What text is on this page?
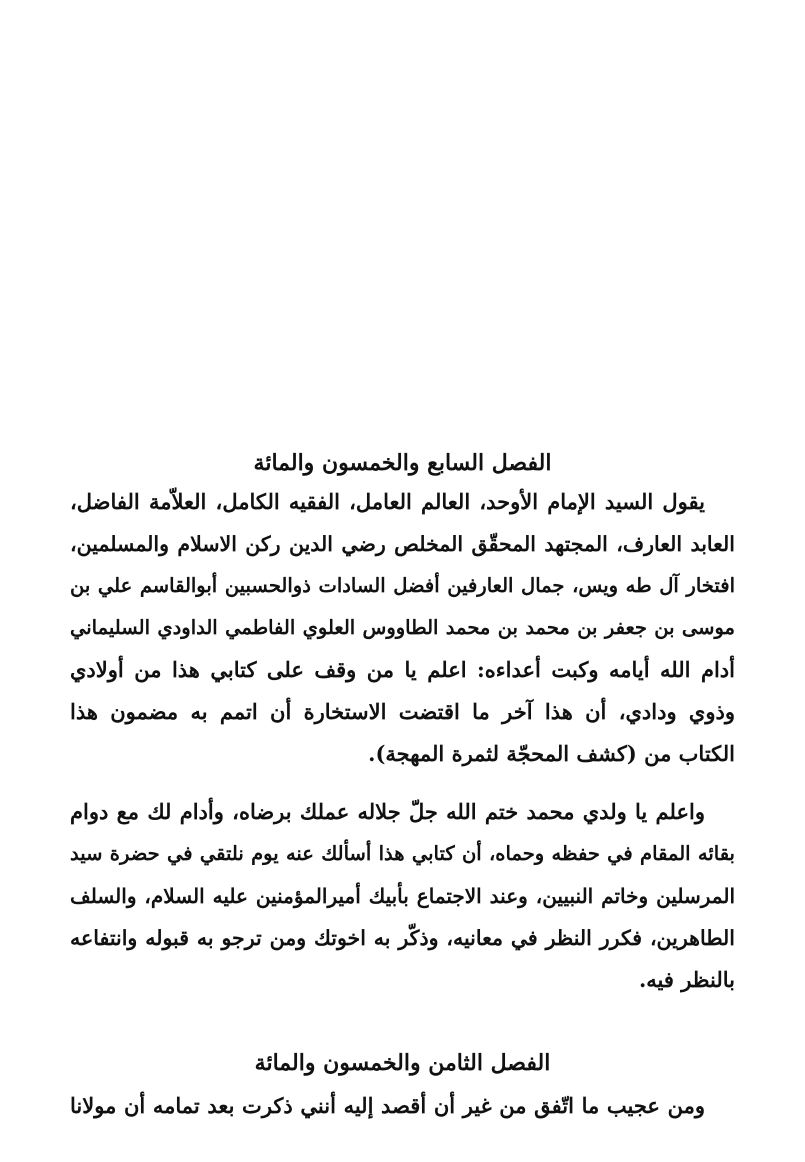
الفصل السابع والخمسون والمائة
يقول السيد الإمام الأوحد، العالم العامل، الفقيه الكامل، العلاّمة الفاضل،
العابد العارف، المجتهد المحقّق المخلص رضي الدين ركن الاسلام والمسلمين،
افتخار آل طه ويس، جمال العارفين أفضل السادات ذوالحسبين أبوالقاسم علي بن
موسى بن جعفر بن محمد بن محمد الطاووس العلوي الفاطمي الداودي السليماني
أدام الله أيامه وكبت أعداءه: اعلم يا من وقف على كتابي هذا من أولادي
وذوي ودادي، أن هذا آخر ما اقتضت الاستخارة أن اتمم به مضمون هذا
الكتاب من (كشف المحجّة لثمرة المهجة).
واعلم يا ولدي محمد ختم الله جلّ جلاله عملك برضاه، وأدام لك مع دوام
بقائه المقام في حفظه وحماه، أن كتابي هذا أسألك عنه يوم نلتقي في حضرة سيد
المرسلين وخاتم النبيين، وعند الاجتماع بأبيك أميرالمؤمنين عليه السلام، والسلف
الطاهرين، فكرر النظر في معانيه، وذكّر به اخوتك ومن ترجو به قبوله وانتفاعه
بالنظر فيه.
الفصل الثامن والخمسون والمائة
ومن عجيب ما اتّفق من غير أن أقصد إليه أنني ذكرت بعد تمامه أن مولانا
